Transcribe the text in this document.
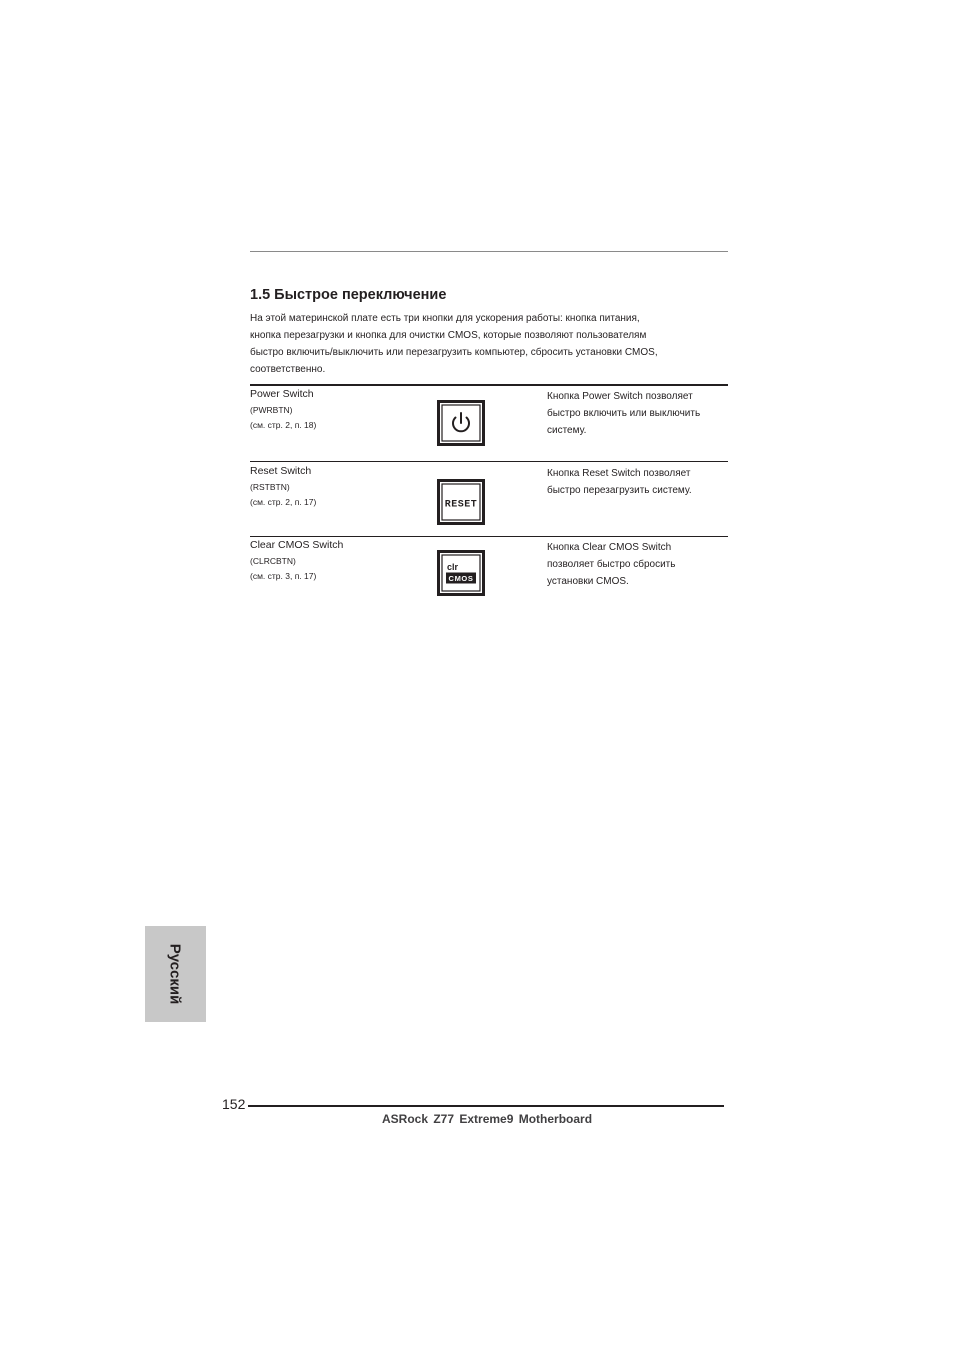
1.5 Быстрое переключение

На этой материнской плате есть три кнопки для ускорения работы: кнопка питания,
кнопка перезагрузки и кнопка для очистки CMOS, которые позволяют пользователям
быстро включить/выключить или перезагрузить компьютер, сбросить установки CMOS,
соответственно.

Power Switch
(PWRBTN)
(см. стр. 2, п. 18)
Кнопка Power Switch позволяет
быстро включить или выключить
систему.
Reset Switch
(RSTBTN)
(см. стр. 2, п. 17)	RESET
Кнопка Reset Switch позволяет
быстро перезагрузить систему.
Clear CMOS Switch
(CLRCBTN)
(см. стр. 3, п. 17)
clr
CMOS
Кнопка Clear CMOS Switch
позволяет быстро сбросить
установки CMOS.
Русский
152
ASRock Z77 Extreme9 Motherboard
